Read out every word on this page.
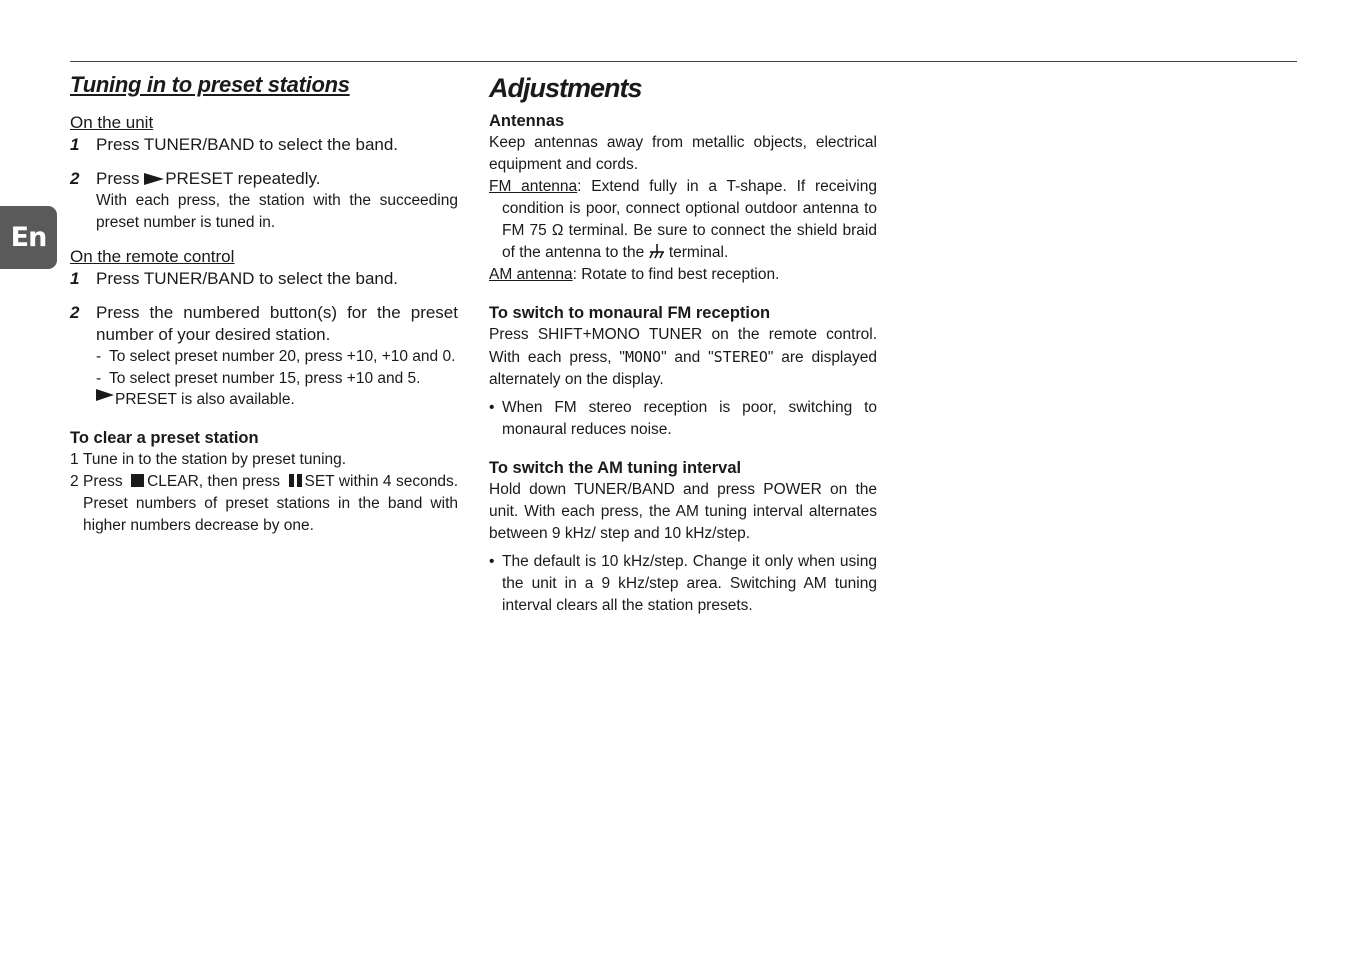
En
Tuning in to preset stations
On the unit
1 Press TUNER/BAND to select the band.
2 Press PRESET repeatedly.
With each press, the station with the succeeding preset number is tuned in.
On the remote control
1 Press TUNER/BAND to select the band.
2 Press the numbered button(s) for the preset number of your desired station.
- To select preset number 20, press +10, +10 and 0.
- To select preset number 15, press +10 and 5.
PRESET is also available.
To clear a preset station
1 Tune in to the station by preset tuning.
2 Press CLEAR, then press SET within 4 seconds. Preset numbers of preset stations in the band with higher numbers decrease by one.
Adjustments
Antennas
Keep antennas away from metallic objects, electrical equipment and cords.
FM antenna: Extend fully in a T-shape. If receiving condition is poor, connect optional outdoor antenna to FM 75 Ω terminal. Be sure to connect the shield braid of the antenna to the  terminal.
AM antenna: Rotate to find best reception.
To switch to monaural FM reception
Press SHIFT+MONO TUNER on the remote control. With each press, "MONO" and "STEREO" are displayed alternately on the display.
• When FM stereo reception is poor, switching to monaural reduces noise.
To switch the AM tuning interval
Hold down TUNER/BAND and press POWER on the unit. With each press, the AM tuning interval alternates between 9 kHz/ step and 10 kHz/step.
• The default is 10 kHz/step. Change it only when using the unit in a 9 kHz/step area. Switching AM tuning interval clears all the station presets.
